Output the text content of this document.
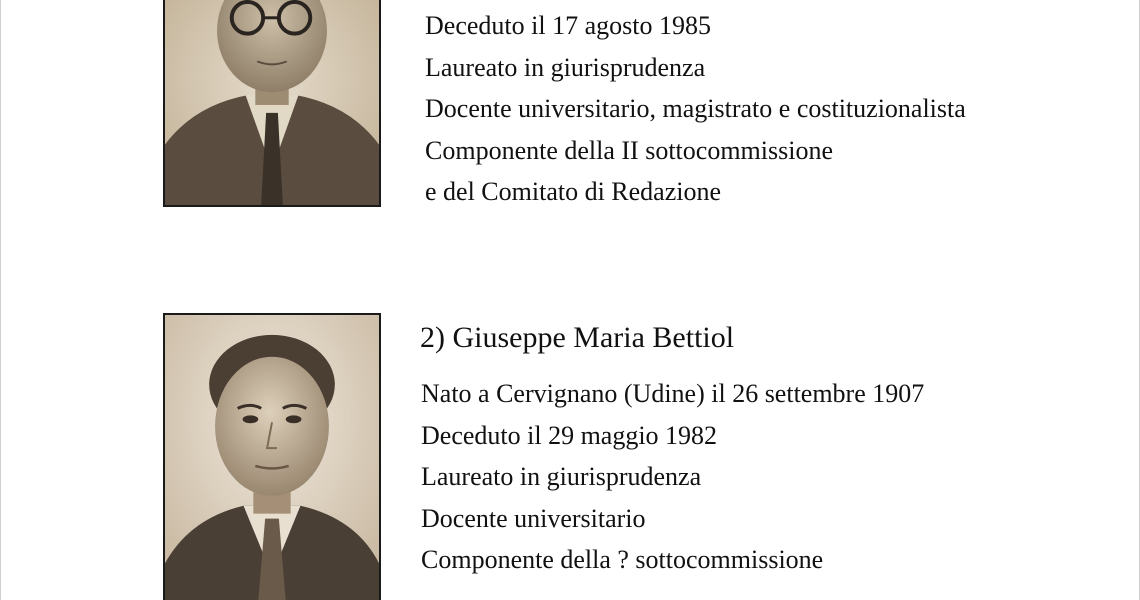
Deceduto il 17 agosto 1985
Laureato in giurisprudenza
Docente universitario, magistrato e costituzionalista
Componente della II sottocommissione
e del Comitato di Redazione
2) Giuseppe Maria Bettiol
Nato a Cervignano (Udine) il 26 settembre 1907
Deceduto il 29 maggio 1982
Laureato in giurisprudenza
Docente universitario
Componente della ? sottocommissione
